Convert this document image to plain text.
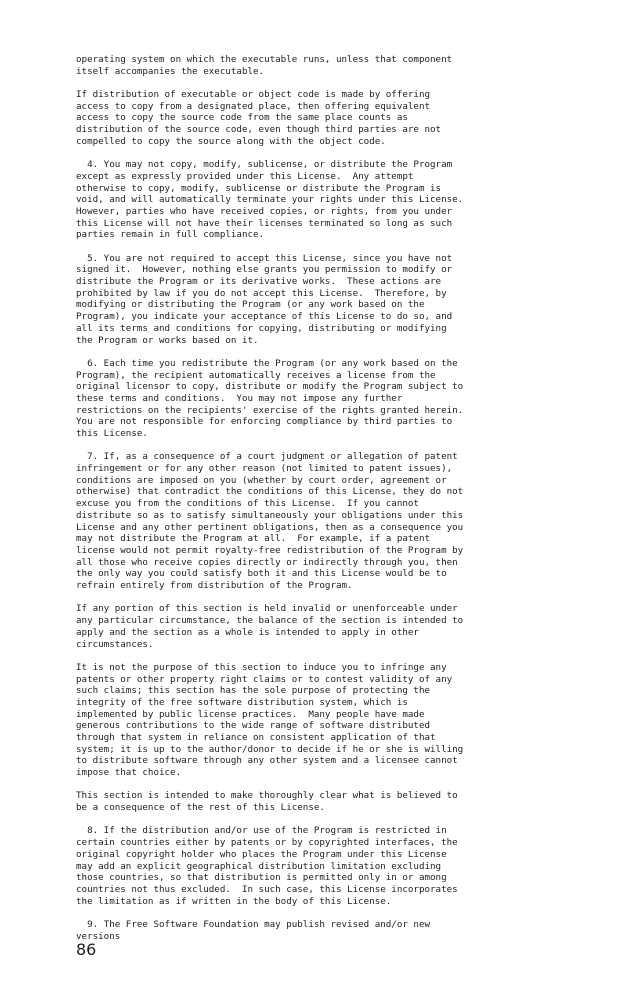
operating system on which the executable runs, unless that component
itself accompanies the executable.

If distribution of executable or object code is made by offering
access to copy from a designated place, then offering equivalent
access to copy the source code from the same place counts as
distribution of the source code, even though third parties are not
compelled to copy the source along with the object code.

4. You may not copy, modify, sublicense, or distribute the Program
except as expressly provided under this License.  Any attempt
otherwise to copy, modify, sublicense or distribute the Program is
void, and will automatically terminate your rights under this License.
However, parties who have received copies, or rights, from you under
this License will not have their licenses terminated so long as such
parties remain in full compliance.

5. You are not required to accept this License, since you have not
signed it.  However, nothing else grants you permission to modify or
distribute the Program or its derivative works.  These actions are
prohibited by law if you do not accept this License.  Therefore, by
modifying or distributing the Program (or any work based on the
Program), you indicate your acceptance of this License to do so, and
all its terms and conditions for copying, distributing or modifying
the Program or works based on it.

6. Each time you redistribute the Program (or any work based on the
Program), the recipient automatically receives a license from the
original licensor to copy, distribute or modify the Program subject to
these terms and conditions.  You may not impose any further
restrictions on the recipients' exercise of the rights granted herein.
You are not responsible for enforcing compliance by third parties to
this License.

7. If, as a consequence of a court judgment or allegation of patent
infringement or for any other reason (not limited to patent issues),
conditions are imposed on you (whether by court order, agreement or
otherwise) that contradict the conditions of this License, they do not
excuse you from the conditions of this License.  If you cannot
distribute so as to satisfy simultaneously your obligations under this
License and any other pertinent obligations, then as a consequence you
may not distribute the Program at all.  For example, if a patent
license would not permit royalty-free redistribution of the Program by
all those who receive copies directly or indirectly through you, then
the only way you could satisfy both it and this License would be to
refrain entirely from distribution of the Program.

If any portion of this section is held invalid or unenforceable under
any particular circumstance, the balance of the section is intended to
apply and the section as a whole is intended to apply in other
circumstances.

It is not the purpose of this section to induce you to infringe any
patents or other property right claims or to contest validity of any
such claims; this section has the sole purpose of protecting the
integrity of the free software distribution system, which is
implemented by public license practices.  Many people have made
generous contributions to the wide range of software distributed
through that system in reliance on consistent application of that
system; it is up to the author/donor to decide if he or she is willing
to distribute software through any other system and a licensee cannot
impose that choice.

This section is intended to make thoroughly clear what is believed to
be a consequence of the rest of this License.

8. If the distribution and/or use of the Program is restricted in
certain countries either by patents or by copyrighted interfaces, the
original copyright holder who places the Program under this License
may add an explicit geographical distribution limitation excluding
those countries, so that distribution is permitted only in or among
countries not thus excluded.  In such case, this License incorporates
the limitation as if written in the body of this License.

9. The Free Software Foundation may publish revised and/or new
versions

86
